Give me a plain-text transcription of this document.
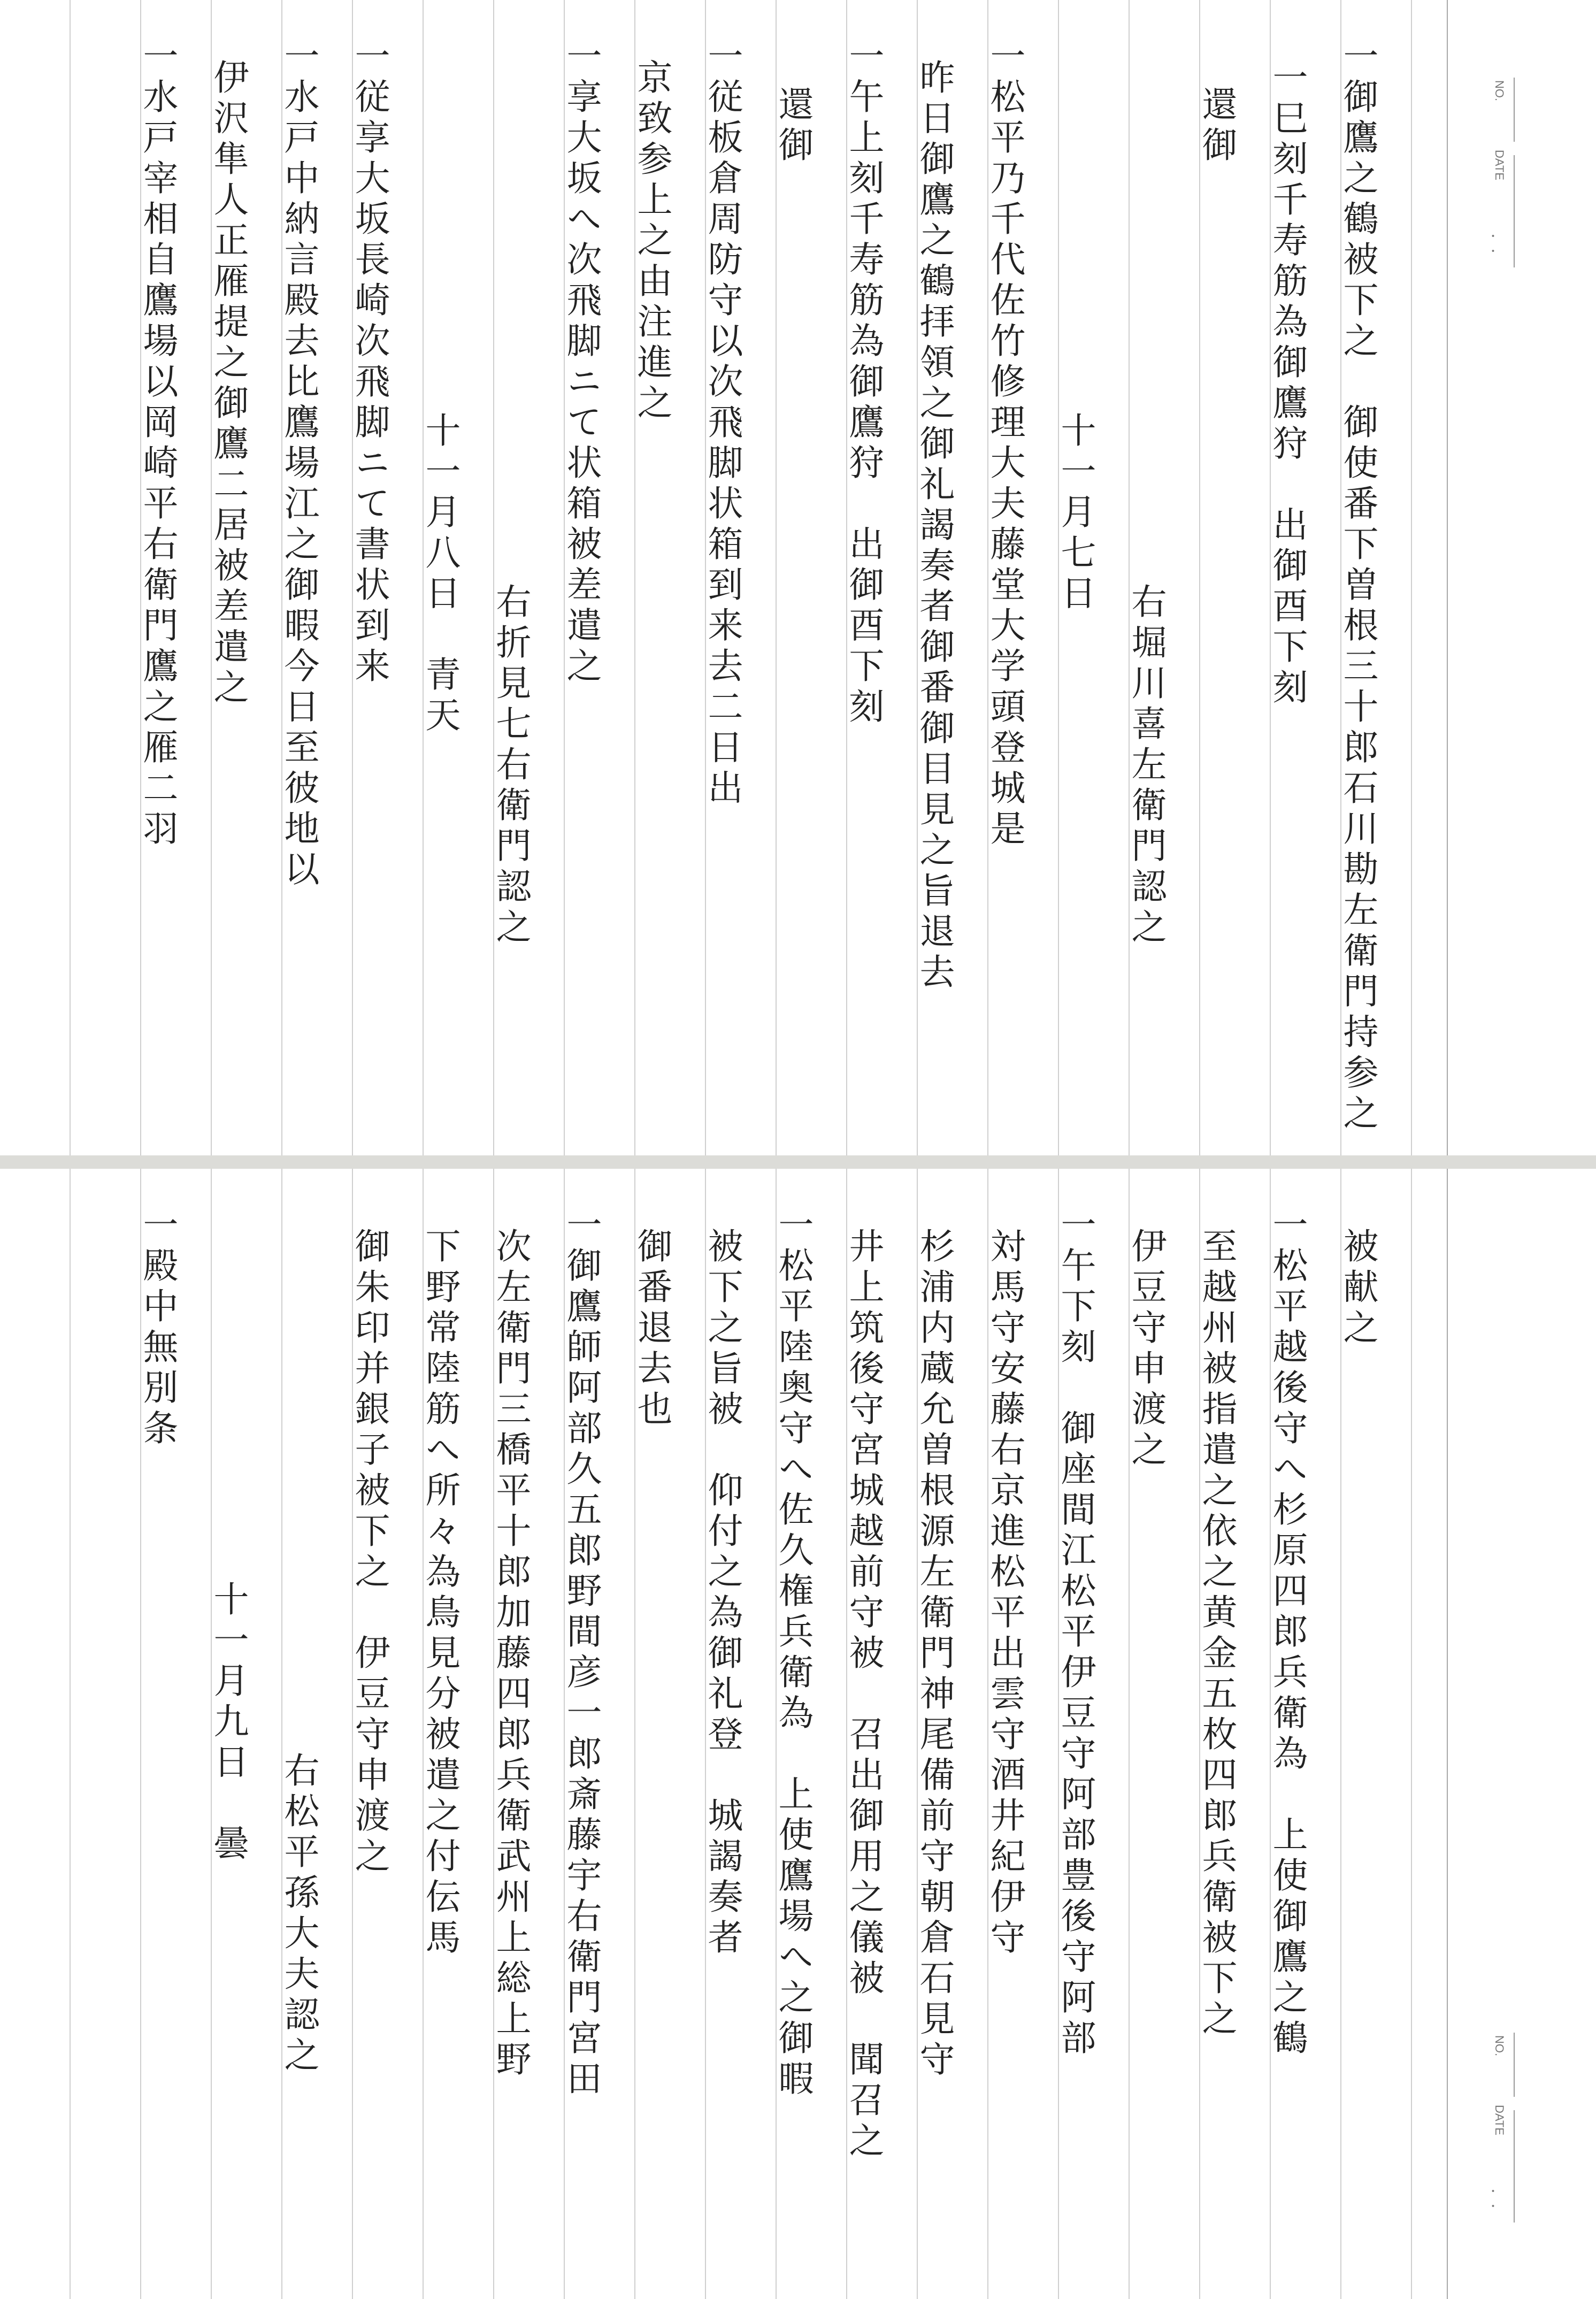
NO.
DATE
・ ・
一御鷹之鶴被下之　御使番下曽根三十郎石川勘左衛門持参之
一巳刻千寿筋為御鷹狩　出御酉下刻
還御
右堀川喜左衛門認之
十一月七日
一松平乃千代佐竹修理大夫藤堂大学頭登城是
昨日御鷹之鶴拝領之御礼謁奏者御番御目見之旨退去
一午上刻千寿筋為御鷹狩　出御酉下刻
還御
一従板倉周防守以次飛脚状箱到来去二日出
京致参上之由注進之
一享大坂へ次飛脚ニて状箱被差遣之
右折見七右衛門認之
十一月八日　青天
一従享大坂長崎次飛脚ニて書状到来
一水戸中納言殿去比鷹場江之御暇今日至彼地以
伊沢隼人正雁提之御鷹二居被差遣之
一水戸宰相自鷹場以岡崎平右衛門鷹之雁二羽
NO.
DATE
・ ・
被献之
一松平越後守へ杉原四郎兵衛為　上使御鷹之鶴
至越州被指遣之依之黄金五枚四郎兵衛被下之
伊豆守申渡之
一午下刻　御座間江松平伊豆守阿部豊後守阿部
対馬守安藤右京進松平出雲守酒井紀伊守
杉浦内蔵允曽根源左衛門神尾備前守朝倉石見守
井上筑後守宮城越前守被　召出御用之儀被　聞召之
一松平陸奥守へ佐久権兵衛為　上使鷹場へ之御暇
被下之旨被　仰付之為御礼登　城謁奏者
御番退去也
一御鷹師阿部久五郎野間彦一郎斎藤宇右衛門宮田
次左衛門三橋平十郎加藤四郎兵衛武州上総上野
下野常陸筋へ所々為鳥見分被遣之付伝馬
御朱印并銀子被下之　伊豆守申渡之
右松平孫大夫認之
十一月九日　曇
一殿中無別条
